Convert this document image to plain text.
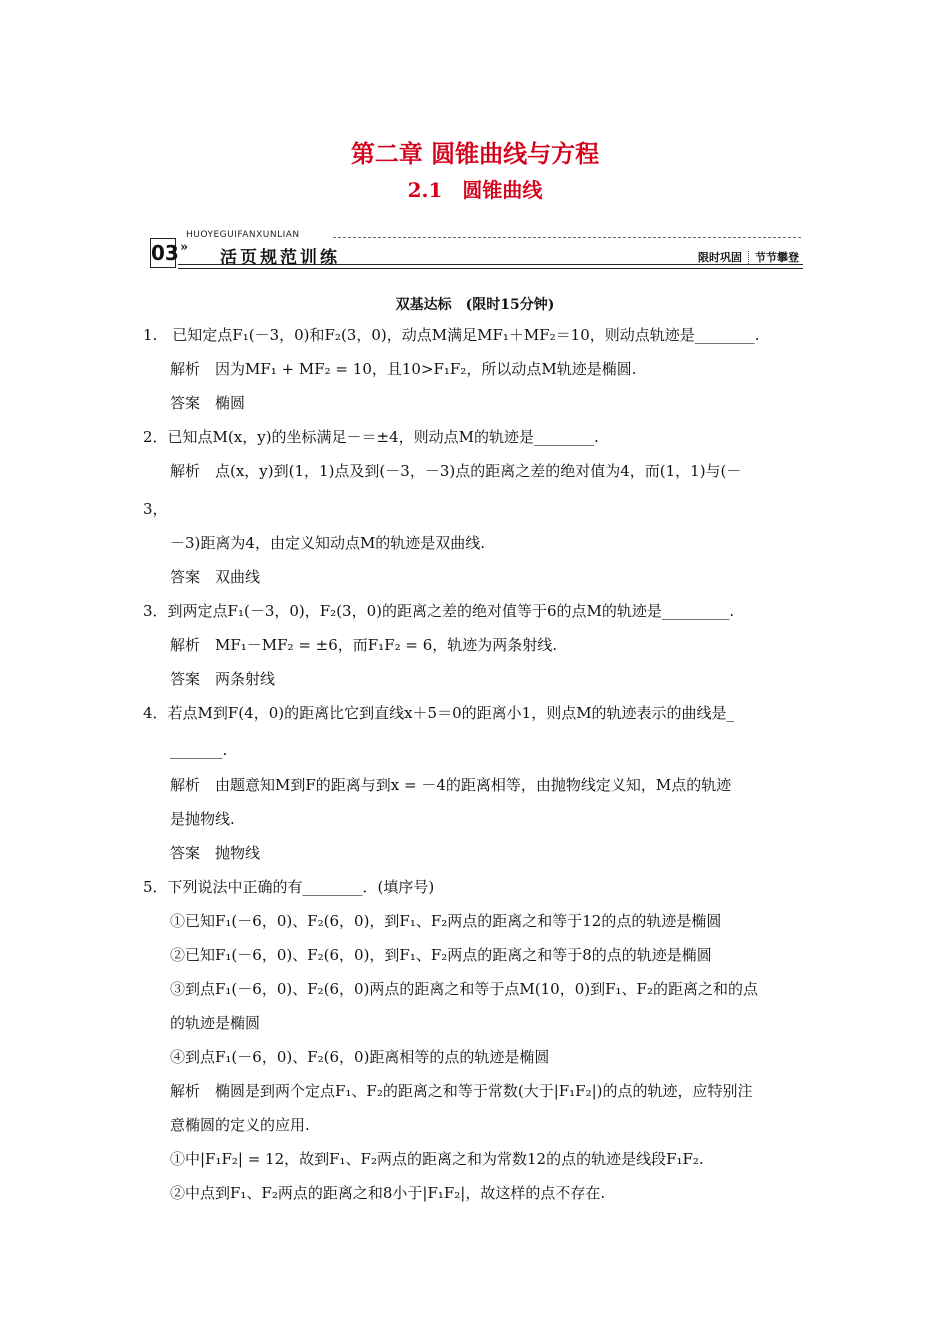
第二章 圆锥曲线与方程
2.1　圆锥曲线
HUOYEGUIFANXUNLIAN
03 »
活页规范训练	限时巩固 节节攀登
双基达标　(限时15分钟)
1.　已知定点F₁(－3，0)和F₂(3，0)，动点M满足MF₁＋MF₂＝10，则动点轨迹是________.
解析　因为MF₁ + MF₂ = 10，且10>F₁F₂，所以动点M轨迹是椭圆.
答案　椭圆
2．已知点M(x，y)的坐标满足－＝±4，则动点M的轨迹是________.
解析　点(x，y)到(1，1)点及到(－3，－3)点的距离之差的绝对值为4，而(1，1)与(－
3，
－3)距离为4，由定义知动点M的轨迹是双曲线.
答案　双曲线
3．到两定点F₁(－3，0)，F₂(3，0)的距离之差的绝对值等于6的点M的轨迹是_________.
解析　MF₁－MF₂ = ±6，而F₁F₂ = 6，轨迹为两条射线.
答案　两条射线
4．若点M到F(4，0)的距离比它到直线x＋5＝0的距离小1，则点M的轨迹表示的曲线是_
_______.
解析　由题意知M到F的距离与到x = －4的距离相等，由抛物线定义知，M点的轨迹
是抛物线.
答案　抛物线
5．下列说法中正确的有________．(填序号)
①已知F₁(－6，0)、F₂(6，0)，到F₁、F₂两点的距离之和等于12的点的轨迹是椭圆
②已知F₁(－6，0)、F₂(6，0)，到F₁、F₂两点的距离之和等于8的点的轨迹是椭圆
③到点F₁(－6，0)、F₂(6，0)两点的距离之和等于点M(10，0)到F₁、F₂的距离之和的点
的轨迹是椭圆
④到点F₁(－6，0)、F₂(6，0)距离相等的点的轨迹是椭圆
解析　椭圆是到两个定点F₁、F₂的距离之和等于常数(大于|F₁F₂|)的点的轨迹，应特别注
意椭圆的定义的应用.
①中|F₁F₂| = 12，故到F₁、F₂两点的距离之和为常数12的点的轨迹是线段F₁F₂.
②中点到F₁、F₂两点的距离之和8小于|F₁F₂|，故这样的点不存在.
